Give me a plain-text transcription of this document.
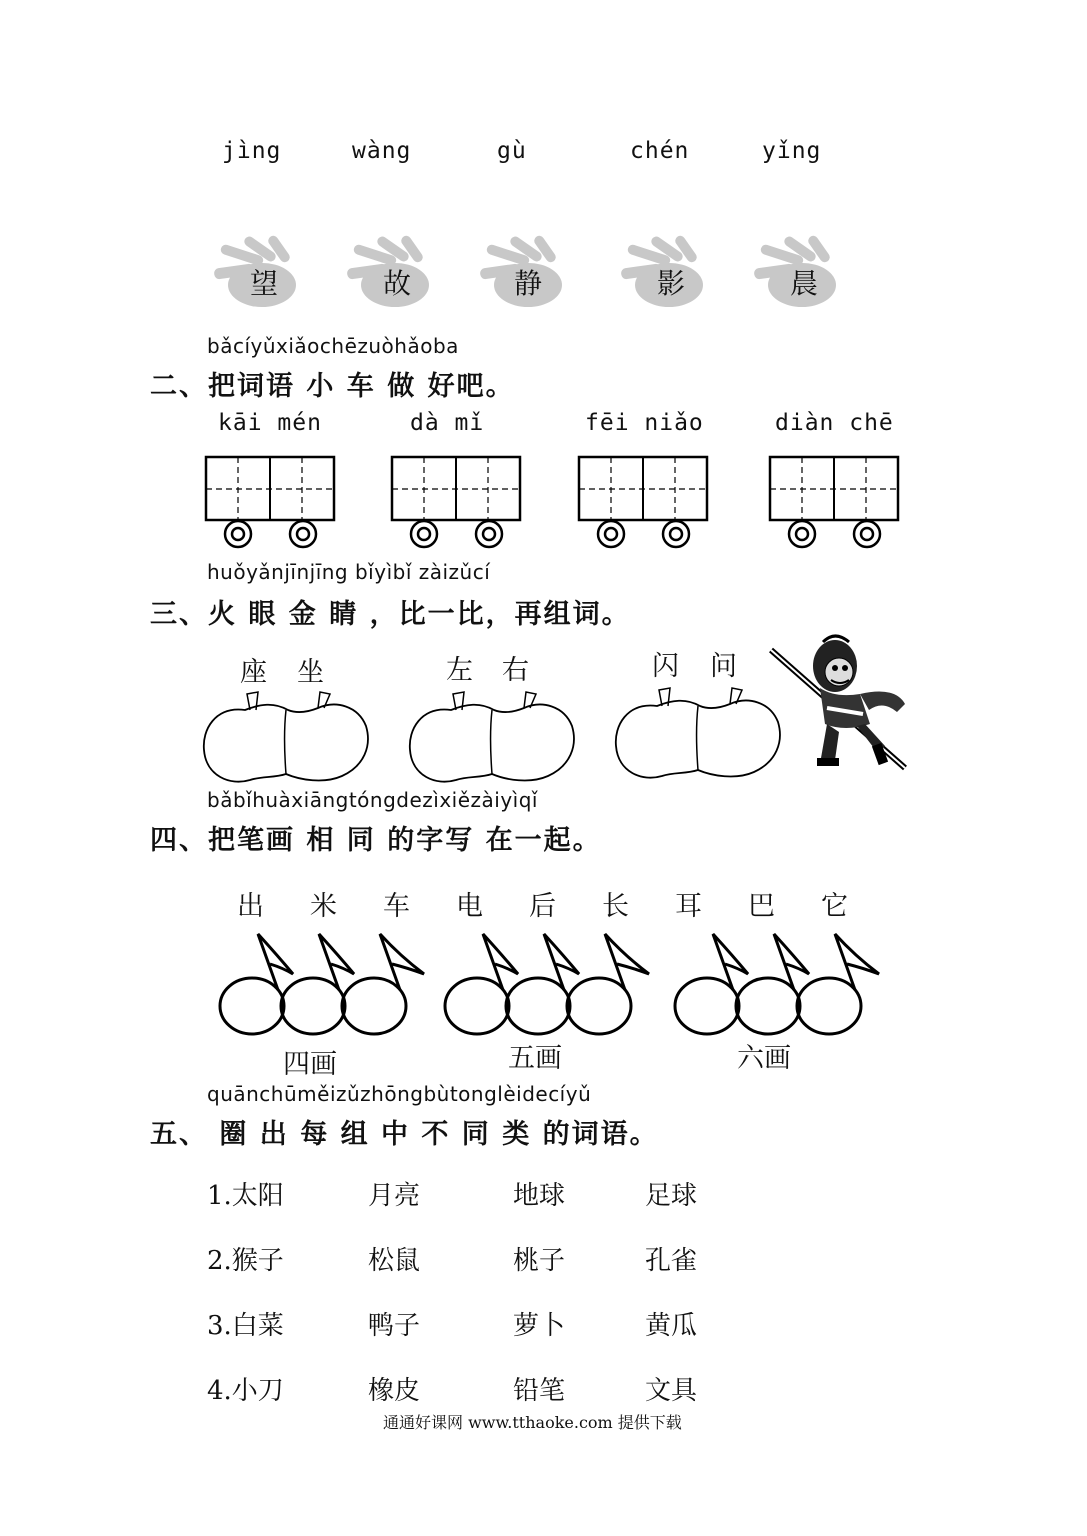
jìng	wàng	gù	chén	yǐng
望	故	静	影	晨
bǎcíyǔxiǎochēzuòhǎoba
二、把词语 小 车 做 好吧。
kāi mén	dà mǐ	fēi niǎo	diàn chē
huǒyǎnjīnjīng bǐyìbǐ zàizǔcí
三、火 眼 金 睛 ，比一比，再组词。
座 坐	左 右	闪 问
bǎbǐhuàxiāngtóngdezìxiězàiyìqǐ
四、把笔画 相 同 的字写 在一起。
出 米 车 电 后 长 耳 巴 它
四画	五画	六画
quānchūměizǔzhōngbùtonglèidecíyǔ
五、 圈 出 每 组 中 不 同 类 的词语。
1.太阳	月亮	地球	足球
2.猴子	松鼠	桃子	孔雀
3.白菜	鸭子	萝卜	黄瓜
4.小刀	橡皮	铅笔	文具
通通好课网 www.tthaoke.com 提供下载
